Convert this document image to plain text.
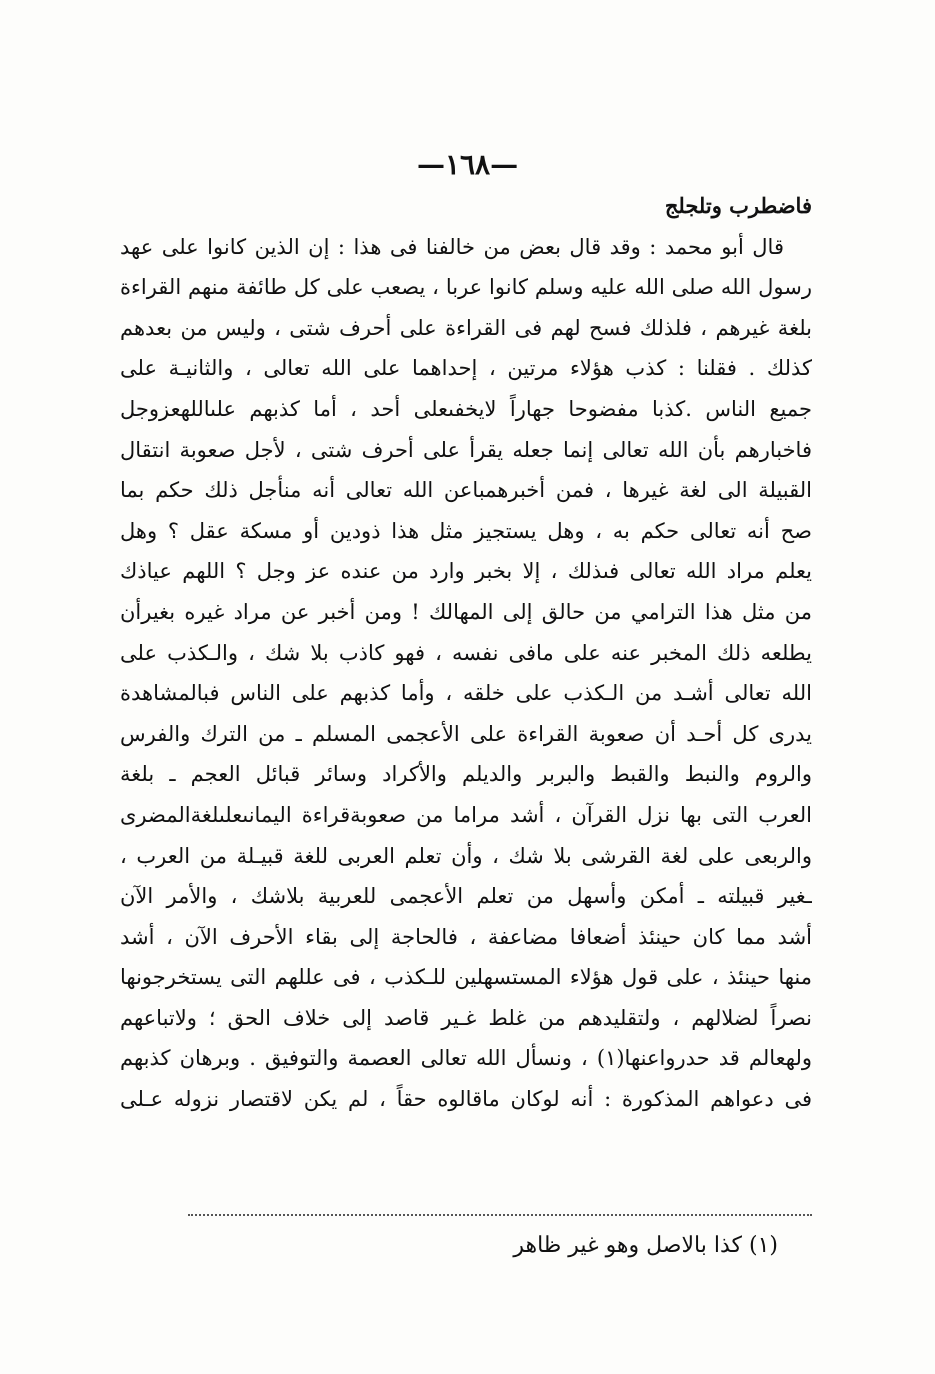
—١٦٨—
فاضطرب وتلجلج
قال أبو محمد : وقد قال بعض من خالفنا فى هذا : إن الذين كانوا على عهد
رسول الله صلى الله عليه وسلم كانوا عربا ، يصعب على كل طائفة منهم القراءة
بلغة غيرهم ، فلذلك فسح لهم فى القراءة على أحرف شتى ، وليس من بعدهم
كذلك . فقلنا : كذب هؤلاء مرتين ، إحداهما على الله تعالى ، والثانيـة على
جميع الناس .كذبا مفضوحا جهاراً لايخفىعلى أحد ، أما كذبهم علىاللهعزوجل
فاخبارهم بأن الله تعالى إنما جعله يقرأ على أحرف شتى ، لأجل صعوبة انتقال
القبيلة الى لغة غيرها ، فمن أخبرهمباعن الله تعالى أنه منأجل ذلك حكم بما
صح أنه تعالى حكم به ، وهل يستجيز مثل هذا ذودين أو مسكة عقل ؟ وهل
يعلم مراد الله تعالى فىذلك ، إلا بخبر وارد من عنده عز وجل ؟ اللهم عياذك
من مثل هذا الترامي من حالق إلى المهالك ! ومن أخبر عن مراد غيره بغيرأن
يطلعه ذلك المخبر عنه على مافى نفسه ، فهو كاذب بلا شك ، والـكذب على
الله تعالى أشـد من الـكذب على خلقه ، وأما كذبهم على الناس فبالمشاهدة
يدرى كل أحـد أن صعوبة القراءة على الأعجمى المسلم ـ من الترك والفرس
والروم والنبط والقبط والبربر والديلم والأكراد وسائر قبائل العجم ـ بلغة
العرب التى بها نزل القرآن ، أشد مراما من صعوبةقراءة اليمانىعلىلغةالمضرى
والربعى على لغة القرشى بلا شك ، وأن تعلم العربى للغة قبيـلة من العرب ،
ـغير قبيلته ـ أمكن وأسهل من تعلم الأعجمى للعربية بلاشك ، والأمر الآن
أشد مما كان حينئذ أضعافا مضاعفة ، فالحاجة إلى بقاء الأحرف الآن ، أشد
منها حينئذ ، على قول هؤلاء المستسهلين للـكذب ، فى عللهم التى يستخرجونها
نصراً لضلالهم ، ولتقليدهم من غلط غـير قاصد إلى خلاف الحق ؛ ولاتباعهم
ولهعالم قد حدرواعنها(١) ، ونسأل الله تعالى العصمة والتوفيق . وبرهان كذبهم
فى دعواهم المذكورة : أنه لوكان ماقالوه حقاً ، لم يكن لاقتصار نزوله عـلى
(١) كذا بالاصل وهو غير ظاهر
